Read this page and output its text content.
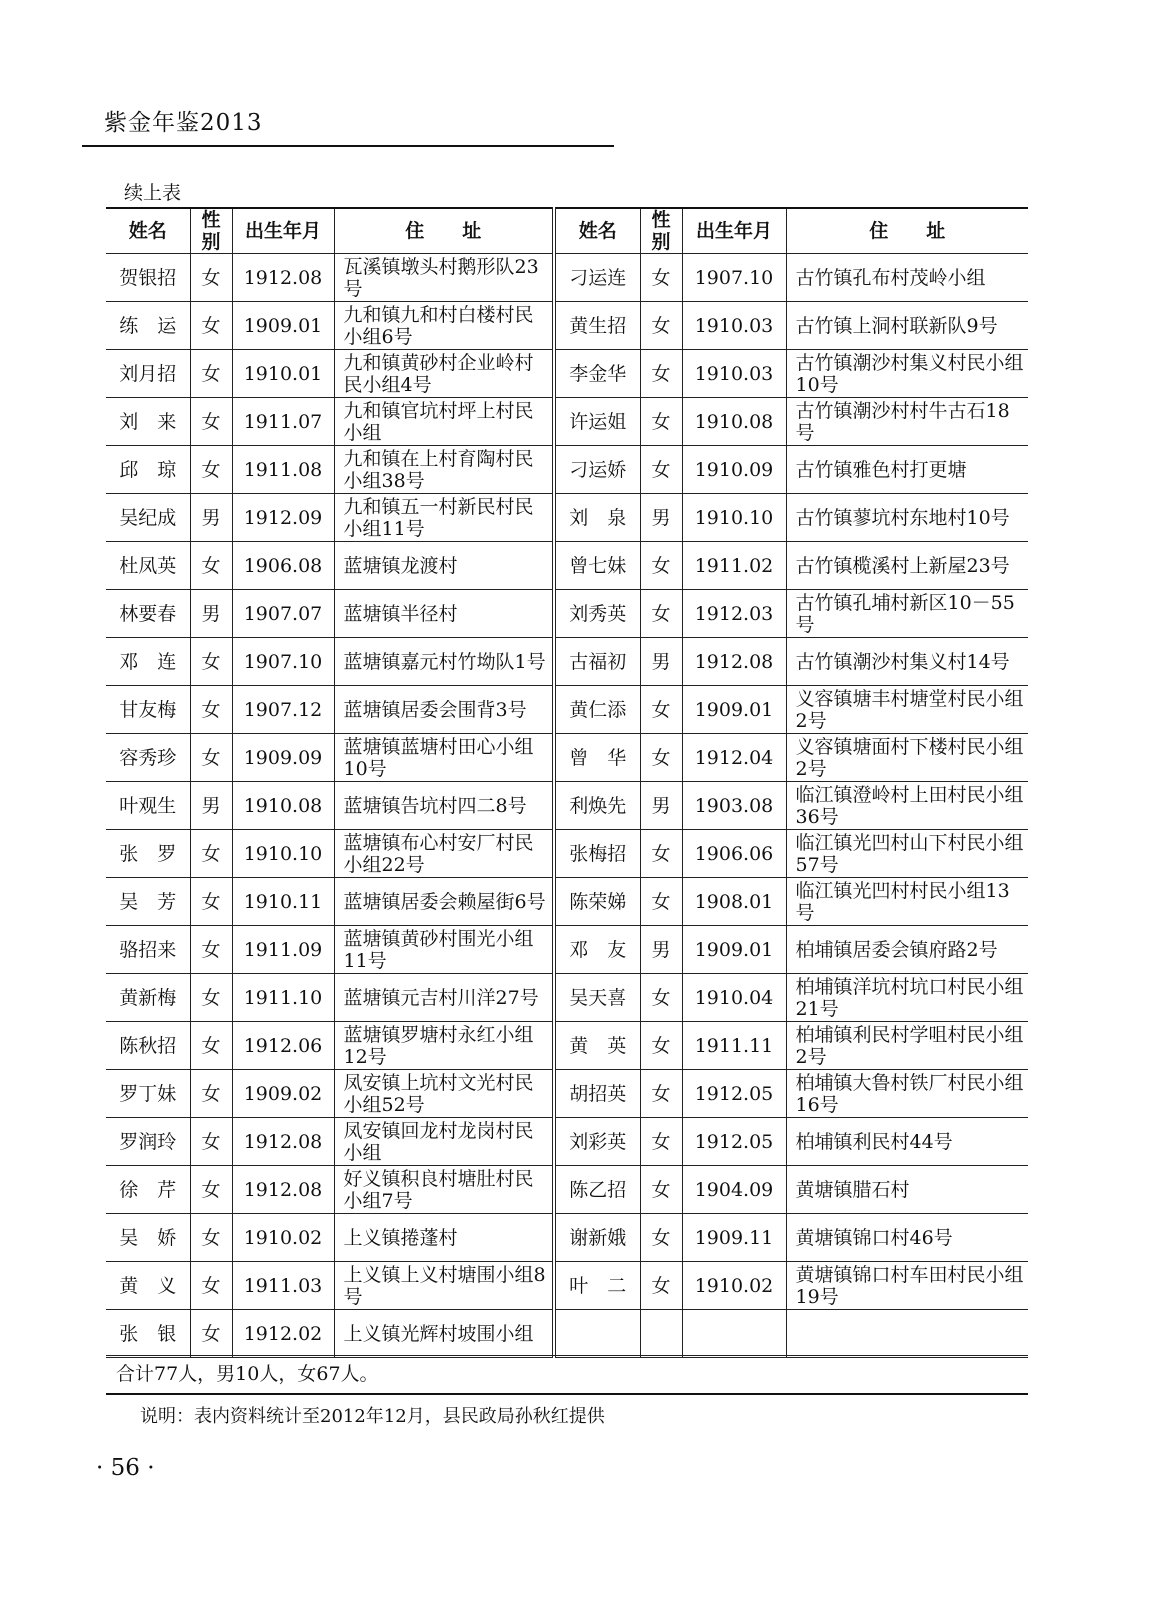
紫金年鉴2013
续上表
姓名	性别	出生年月	住　　址	姓名	性别	出生年月	住　　址
贺银招	女	1912.08	瓦溪镇墩头村鹅形队23号	刁运连	女	1907.10	古竹镇孔布村茂岭小组
练　运	女	1909.01	九和镇九和村白楼村民小组6号	黄生招	女	1910.03	古竹镇上洞村联新队9号
刘月招	女	1910.01	九和镇黄砂村企业岭村民小组4号	李金华	女	1910.03	古竹镇潮沙村集义村民小组10号
刘　来	女	1911.07	九和镇官坑村坪上村民小组	许运姐	女	1910.08	古竹镇潮沙村村牛古石18号
邱　琼	女	1911.08	九和镇在上村育陶村民小组38号	刁运娇	女	1910.09	古竹镇雅色村打更塘
吴纪成	男	1912.09	九和镇五一村新民村民小组11号	刘　泉	男	1910.10	古竹镇蓼坑村东地村10号
杜凤英	女	1906.08	蓝塘镇龙渡村	曾七妹	女	1911.02	古竹镇榄溪村上新屋23号
林要春	男	1907.07	蓝塘镇半径村	刘秀英	女	1912.03	古竹镇孔埔村新区10－55号
邓　连	女	1907.10	蓝塘镇嘉元村竹坳队1号	古福初	男	1912.08	古竹镇潮沙村集义村14号
甘友梅	女	1907.12	蓝塘镇居委会围背3号	黄仁添	女	1909.01	义容镇塘丰村塘堂村民小组2号
容秀珍	女	1909.09	蓝塘镇蓝塘村田心小组10号	曾　华	女	1912.04	义容镇塘面村下楼村民小组2号
叶观生	男	1910.08	蓝塘镇告坑村四二8号	利焕先	男	1903.08	临江镇澄岭村上田村民小组36号
张　罗	女	1910.10	蓝塘镇布心村安厂村民小组22号	张梅招	女	1906.06	临江镇光凹村山下村民小组57号
吴　芳	女	1910.11	蓝塘镇居委会赖屋街6号	陈荣娣	女	1908.01	临江镇光凹村村民小组13号
骆招来	女	1911.09	蓝塘镇黄砂村围光小组11号	邓　友	男	1909.01	柏埔镇居委会镇府路2号
黄新梅	女	1911.10	蓝塘镇元吉村川洋27号	吴天喜	女	1910.04	柏埔镇洋坑村坑口村民小组21号
陈秋招	女	1912.06	蓝塘镇罗塘村永红小组12号	黄　英	女	1911.11	柏埔镇利民村学咀村民小组2号
罗丁妹	女	1909.02	凤安镇上坑村文光村民小组52号	胡招英	女	1912.05	柏埔镇大鲁村铁厂村民小组16号
罗润玲	女	1912.08	凤安镇回龙村龙岗村民小组	刘彩英	女	1912.05	柏埔镇利民村44号
徐　芹	女	1912.08	好义镇积良村塘肚村民小组7号	陈乙招	女	1904.09	黄塘镇腊石村
吴　娇	女	1910.02	上义镇捲蓬村	谢新娥	女	1909.11	黄塘镇锦口村46号
黄　义	女	1911.03	上义镇上义村塘围小组8号	叶　二	女	1910.02	黄塘镇锦口村车田村民小组19号
张　银	女	1912.02	上义镇光辉村坡围小组				
合计77人，男10人，女67人。
说明：表内资料统计至2012年12月，县民政局孙秋红提供
· 56 ·
